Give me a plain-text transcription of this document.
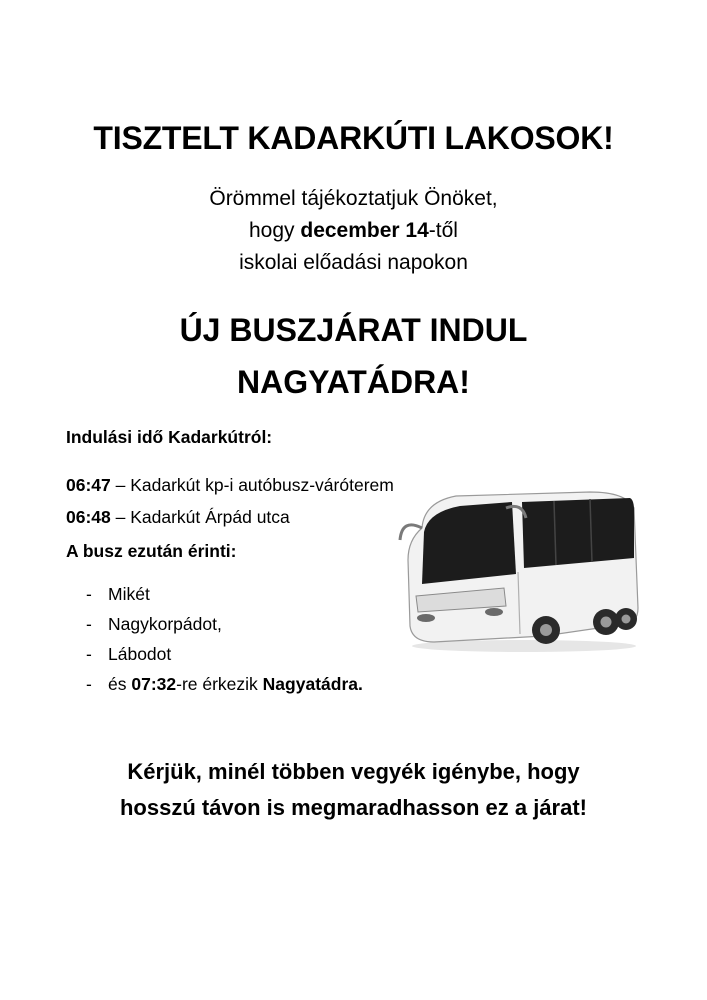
TISZTELT KADARKÚTI LAKOSOK!
Örömmel tájékoztatjuk Önöket,
hogy december 14-től
iskolai előadási napokon
ÚJ BUSZJÁRAT INDUL
NAGYATÁDRA!
Indulási idő Kadarkútról:
06:47 – Kadarkút kp-i autóbusz-váróterem
06:48 – Kadarkút Árpád utca
A busz ezután érinti:
- Mikét
- Nagykorpádot,
- Lábodot
- és 07:32-re érkezik Nagyatádra.
Kérjük, minél többen vegyék igénybe, hogy
hosszú távon is megmaradhasson ez a járat!
